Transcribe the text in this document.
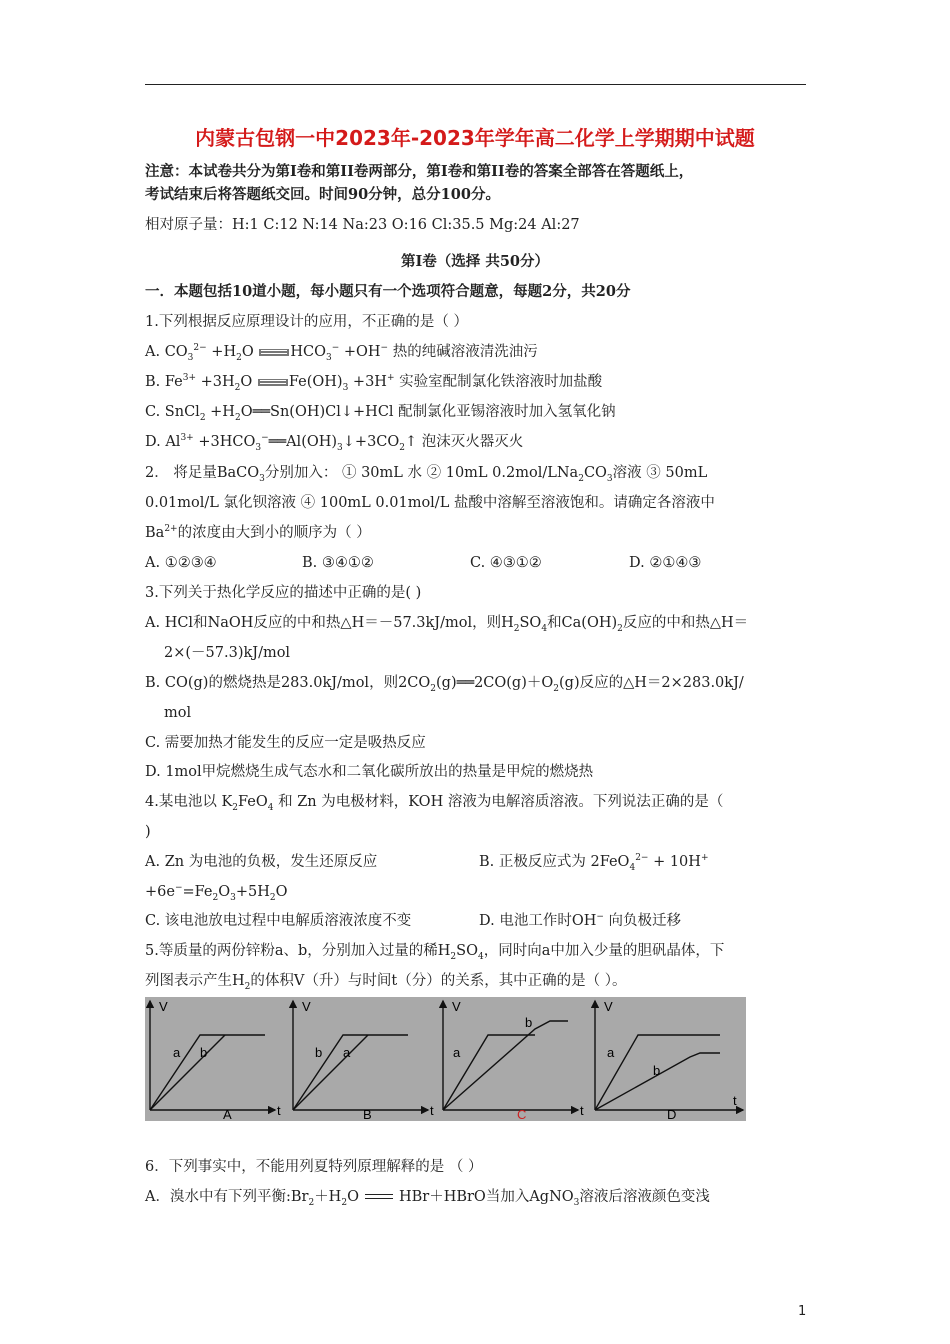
内蒙古包钢一中2023年-2023年学年高二化学上学期期中试题
注意：本试卷共分为第Ⅰ卷和第II卷两部分，第Ⅰ卷和第II卷的答案全部答在答题纸上，
考试结束后将答题纸交回。时间90分钟，总分100分。
相对原子量：H:1 C:12 N:14 Na:23 O:16 Cl:35.5 Mg:24 Al:27
第Ⅰ卷（选择 共50分）
一．本题包括10道小题，每小题只有一个选项符合题意，每题2分，共20分
1.下列根据反应原理设计的应用，不正确的是（ ）
A. $CO_3^{2-} +H_2O$ $HCO_3^- +OH^-$ 热的纯碱溶液清洗油污
B. $Fe^{3+} +3H_2O$ $Fe(OH)_3 +3H^+$ 实验室配制氯化铁溶液时加盐酸
C. SnCl$_2$ $+H_2O══Sn(OH)Cl↓+HCl$ 配制氯化亚锡溶液时加入氢氧化钠
D. $Al^{3+}$ $+3HCO_3^-══Al(OH)_3↓+3CO_2↑$ 泡沫灭火器灭火
2． 将足量BaCO$_3$分别加入： ① 30mL 水 ② 10mL $0.2mol/LNa_2CO_3$溶液 ③ 50mL
0.01mol/L 氯化钡溶液 ④ 100mL 0.01mol/L 盐酸中溶解至溶液饱和。请确定各溶液中
$Ba^{2+}$的浓度由大到小的顺序为（ ）
A. ①②③④	B. ③④①②	C. ④③①②	D. ②①④③
3.下列关于热化学反应的描述中正确的是( )
A. HCl和NaOH反应的中和热△H＝－57.3kJ/mol，则$H_2SO_4$和$Ca(OH)_2$反应的中和热△H＝
2×(－57.3)kJ/mol
B. CO(g)的燃烧热是283.0kJ/mol，则$2CO_2(g)══2CO(g)+O_2(g)$反应的△H＝2×283.0kJ/
mol
C. 需要加热才能发生的反应一定是吸热反应
D. 1mol甲烷燃烧生成气态水和二氧化碳所放出的热量是甲烷的燃烧热
4.某电池以 $K_2FeO_4$ 和 Zn 为电极材料，KOH 溶液为电解溶质溶液。下列说法正确的是（
)
A. Zn 为电池的负极，发生还原反应	B. 正极反应式为 2FeO$_4^{2-}$ + 10H+
$+6e^-=Fe_2O_3+5H_2O$
C. 该电池放电过程中电解质溶液浓度不变	D. 电池工作时OH− 向负极迁移
5.等质量的两份锌粉a、b，分别加入过量的稀$H_2SO_4$，同时向a中加入少量的胆矾晶体，下
列图表示产生$H_2$的体积V（升）与时间t（分）的关系，其中正确的是（ ）。
V
t
a b
A
V
t
b a
B
V
t
a
b
C
V
t
a
b
D
6．下列事实中，不能用列夏特列原理解释的是 （ ）
A．溴水中有下列平衡$:Br_2+H_2O$	HBr＋HBrO当加入AgNO$_3$溶液后溶液颜色变浅
1
